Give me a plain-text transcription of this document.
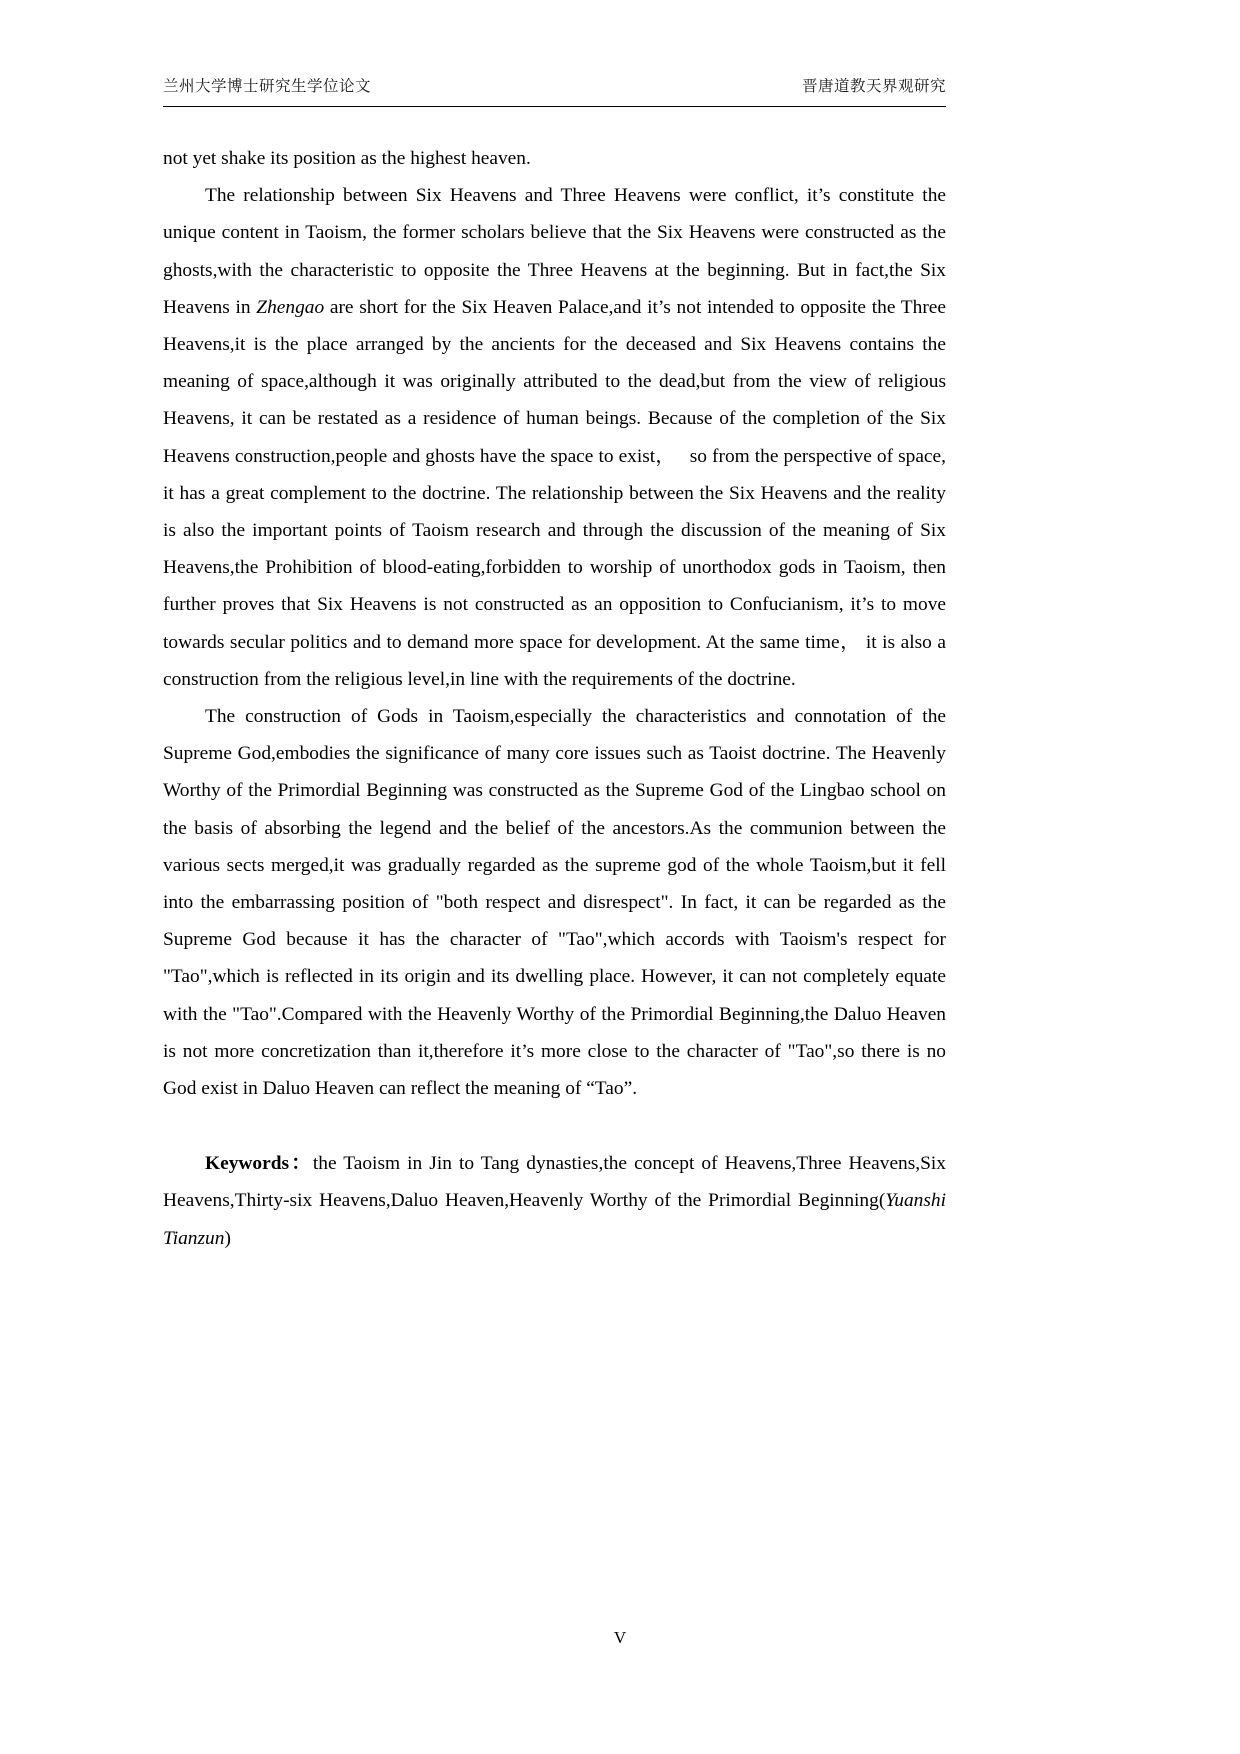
兰州大学博士研究生学位论文	晋唐道教天界观研究

not yet shake its position as the highest heaven.

The relationship between Six Heavens and Three Heavens were conflict, it’s constitute the unique content in Taoism, the former scholars believe that the Six Heavens were constructed as the ghosts,with the characteristic to opposite the Three Heavens at the beginning. But in fact,the Six Heavens in Zhengao are short for the Six Heaven Palace,and it’s not intended to opposite the Three Heavens,it is the place arranged by the ancients for the deceased and Six Heavens contains the meaning of space,although it was originally attributed to the dead,but from the view of religious Heavens, it can be restated as a residence of human beings. Because of the completion of the Six Heavens construction,people and ghosts have the space to exist，  so from the perspective of space, it has a great complement to the doctrine. The relationship between the Six Heavens and the reality is also the important points of Taoism research and through the discussion of the meaning of Six Heavens,the Prohibition of blood-eating,forbidden to worship of unorthodox gods in Taoism, then further proves that Six Heavens is not constructed as an opposition to Confucianism, it’s to move towards secular politics and to demand more space for development. At the same time， it is also a construction from the religious level,in line with the requirements of the doctrine.

The construction of Gods in Taoism,especially the characteristics and connotation of the Supreme God,embodies the significance of many core issues such as Taoist doctrine. The Heavenly Worthy of the Primordial Beginning was constructed as the Supreme God of the Lingbao school on the basis of absorbing the legend and the belief of the ancestors.As the communion between the various sects merged,it was gradually regarded as the supreme god of the whole Taoism,but it fell into the embarrassing position of "both respect and disrespect". In fact, it can be regarded as the Supreme God because it has the character of "Tao",which accords with Taoism's respect for "Tao",which is reflected in its origin and its dwelling place. However, it can not completely equate with the "Tao".Compared with the Heavenly Worthy of the Primordial Beginning,the Daluo Heaven is not more concretization than it,therefore it’s more close to the character of "Tao",so there is no God exist in Daluo Heaven can reflect the meaning of “Tao”.

Keywords：the Taoism in Jin to Tang dynasties,the concept of Heavens,Three Heavens,Six Heavens,Thirty-six Heavens,Daluo Heaven,Heavenly Worthy of the Primordial Beginning(Yuanshi Tianzun)

V
